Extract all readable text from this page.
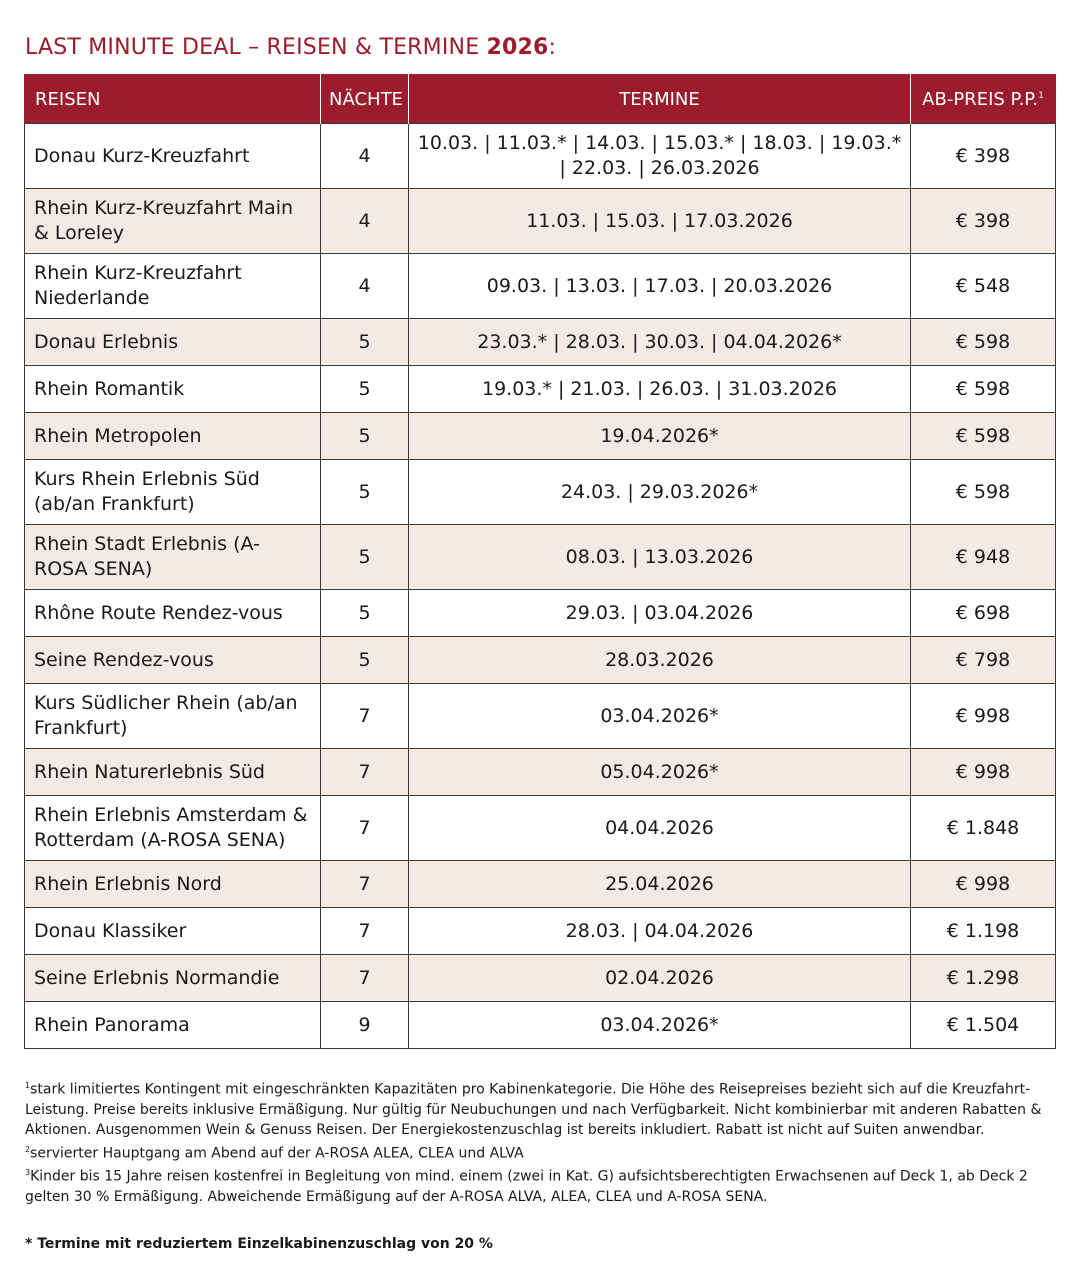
LAST MINUTE DEAL – REISEN & TERMINE 2026:
REISEN	NÄCHTE	TERMINE	AB-PREIS P.P.$^1$
Donau Kurz-Kreuzfahrt	4	10.03. | 11.03.* | 14.03. | 15.03.* | 18.03. | 19.03.* | 22.03. | 26.03.2026	€ 398
Rhein Kurz-Kreuzfahrt Main & Loreley	4	11.03. | 15.03. | 17.03.2026	€ 398
Rhein Kurz-Kreuzfahrt Niederlande	4	09.03. | 13.03. | 17.03. | 20.03.2026	€ 548
Donau Erlebnis	5	23.03.* | 28.03. | 30.03. | 04.04.2026*	€ 598
Rhein Romantik	5	19.03.* | 21.03. | 26.03. | 31.03.2026	€ 598
Rhein Metropolen	5	19.04.2026*	€ 598
Kurs Rhein Erlebnis Süd (ab/an Frankfurt)	5	24.03. | 29.03.2026*	€ 598
Rhein Stadt Erlebnis (A-ROSA SENA)	5	08.03. | 13.03.2026	€ 948
Rhône Route Rendez-vous	5	29.03. | 03.04.2026	€ 698
Seine Rendez-vous	5	28.03.2026	€ 798
Kurs Südlicher Rhein (ab/an Frankfurt)	7	03.04.2026*	€ 998
Rhein Naturerlebnis Süd	7	05.04.2026*	€ 998
Rhein Erlebnis Amsterdam & Rotterdam (A-ROSA SENA)	7	04.04.2026	€ 1.848
Rhein Erlebnis Nord	7	25.04.2026	€ 998
Donau Klassiker	7	28.03. | 04.04.2026	€ 1.198
Seine Erlebnis Normandie	7	02.04.2026	€ 1.298
Rhein Panorama	9	03.04.2026*	€ 1.504

$^1$stark limitiertes Kontingent mit eingeschränkten Kapazitäten pro Kabinenkategorie. Die Höhe des Reisepreises bezieht sich auf die Kreuzfahrt-Leistung. Preise bereits inklusive Ermäßigung. Nur gültig für Neubuchungen und nach Verfügbarkeit. Nicht kombinierbar mit anderen Rabatten & Aktionen. Ausgenommen Wein & Genuss Reisen. Der Energiekostenzuschlag ist bereits inkludiert. Rabatt ist nicht auf Suiten anwendbar.

$^2$servierter Hauptgang am Abend auf der A-ROSA ALEA, CLEA und ALVA

$^3$Kinder bis 15 Jahre reisen kostenfrei in Begleitung von mind. einem (zwei in Kat. G) aufsichtsberechtigten Erwachsenen auf Deck 1, ab Deck 2 gelten 30 % Ermäßigung. Abweichende Ermäßigung auf der A-ROSA ALVA, ALEA, CLEA und A-ROSA SENA.

* Termine mit reduziertem Einzelkabinenzuschlag von 20 %
